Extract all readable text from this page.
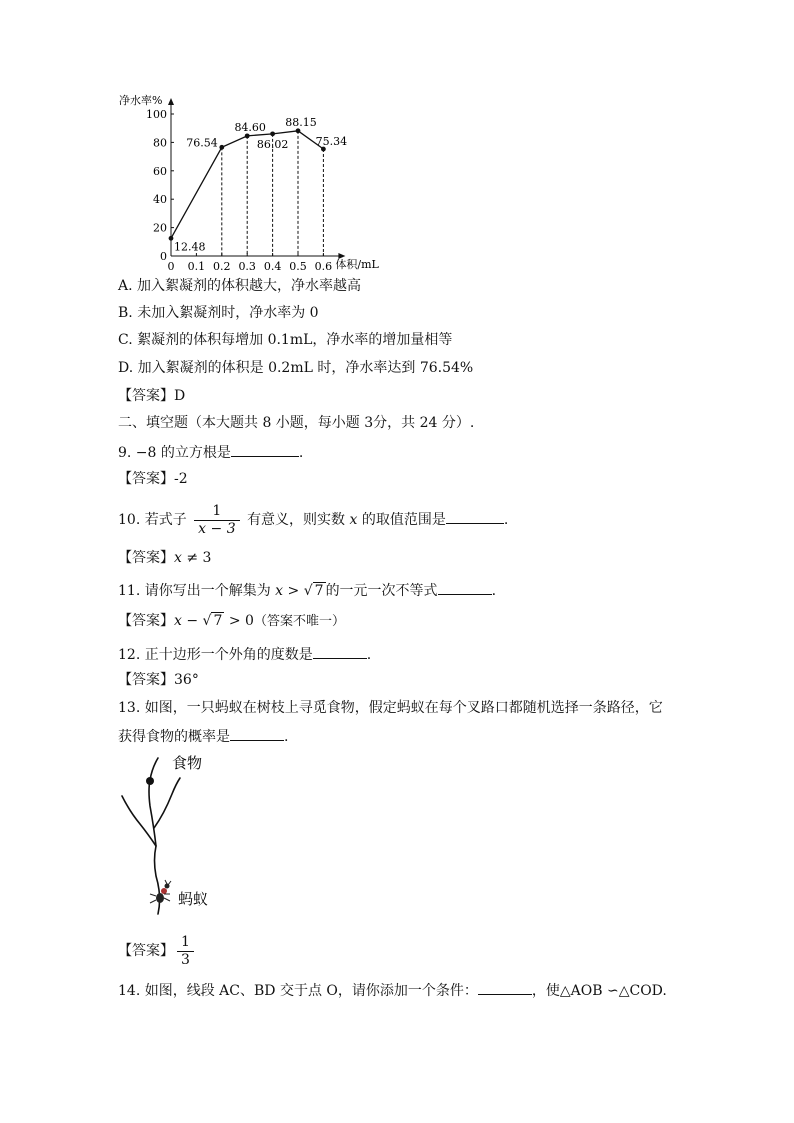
净水率%
体积/mL
20
40
60
80
100
0
0 0.1 0.2 0.3 0.4 0.5 0.6
12.48
76.54
84.60
86.02
88.15
75.34
A. 加入絮凝剂的体积越大，净水率越高
B. 未加入絮凝剂时，净水率为 0
C. 絮凝剂的体积每增加 0.1mL，净水率的增加量相等
D. 加入絮凝剂的体积是 0.2mL 时，净水率达到 76.54%
【答案】D
二、填空题（本大题共 8 小题，每小题 3分，共 24 分）.
9. −8 的立方根是	.
【答案】-2
10. 若式子 $\frac{1}{x - 3}$ 有意义，则实数 x 的取值范围是	.
【答案】x ≠ 3
11. 请你写出一个解集为 x > √ 7 的一元一次不等式	.
【答案】x − √ 7 > 0（答案不唯一）
12. 正十边形一个外角的度数是	.
【答案】36°
13. 如图，一只蚂蚁在树枝上寻觅食物，假定蚂蚁在每个叉路口都随机选择一条路径，它
获得食物的概率是	.
食物
蚂蚁
【答案】 $\frac{1}{3}$
14. 如图，线段 AC、BD 交于点 O，请你添加一个条件：	，使△AOB ∽△COD.
